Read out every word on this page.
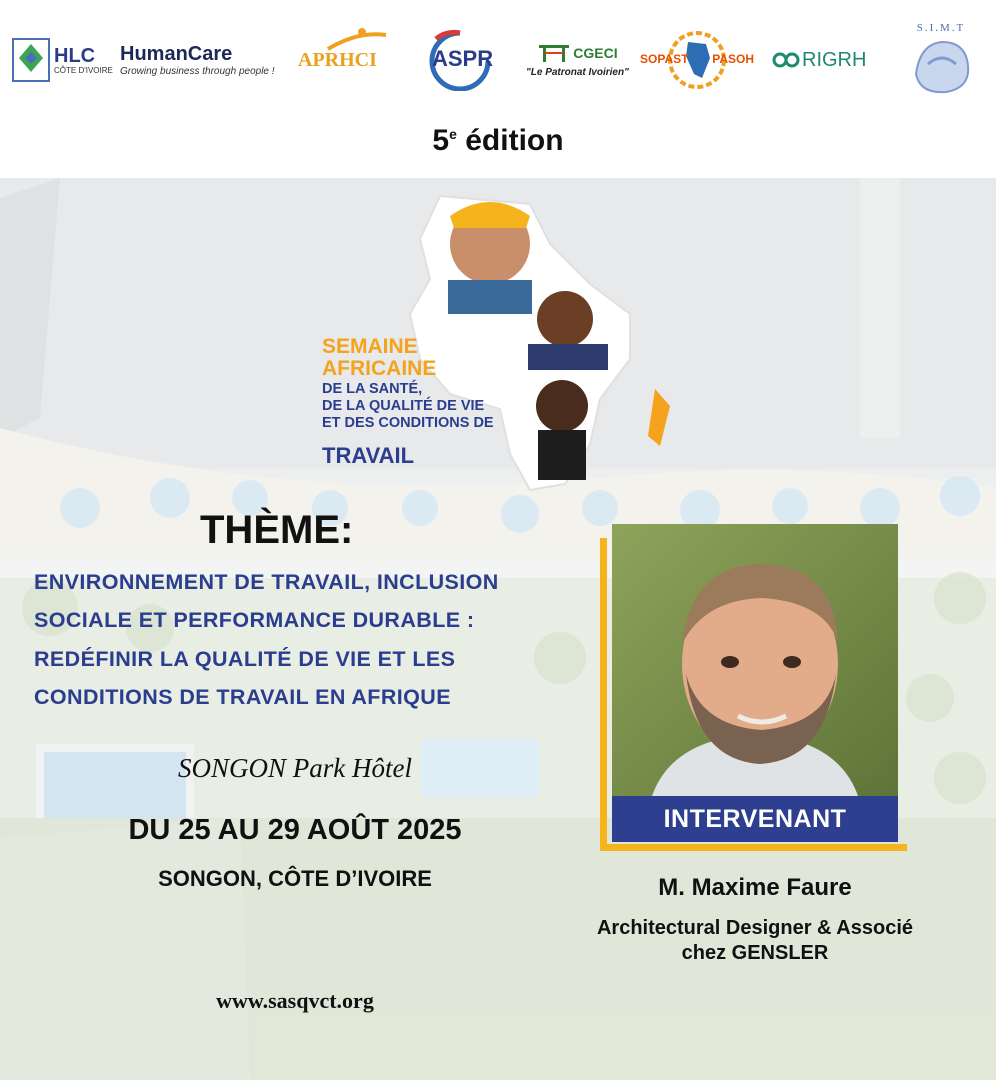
HLC
CÔTE D'IVOIRE
HumanCare
Growing business through people !
APRHCI	ASPR	CGECI
"Le Patronat Ivoirien"
SOPAST PASOH RIGRH
S.I.M.T
5e édition
SEMAINE
AFRICAINE
DE LA SANTÉ,
DE LA QUALITÉ DE VIE
ET DES CONDITIONS DE
TRAVAIL
THÈME:
ENVIRONNEMENT DE TRAVAIL, INCLUSION
SOCIALE ET PERFORMANCE DURABLE :
REDÉFINIR LA QUALITÉ DE VIE ET LES
CONDITIONS DE TRAVAIL EN AFRIQUE
SONGON Park Hôtel
DU 25 AU 29 AOÛT 2025
SONGON, CÔTE D’IVOIRE
www.sasqvct.org
INTERVENANT
M. Maxime Faure
Architectural Designer & Associé
chez GENSLER
